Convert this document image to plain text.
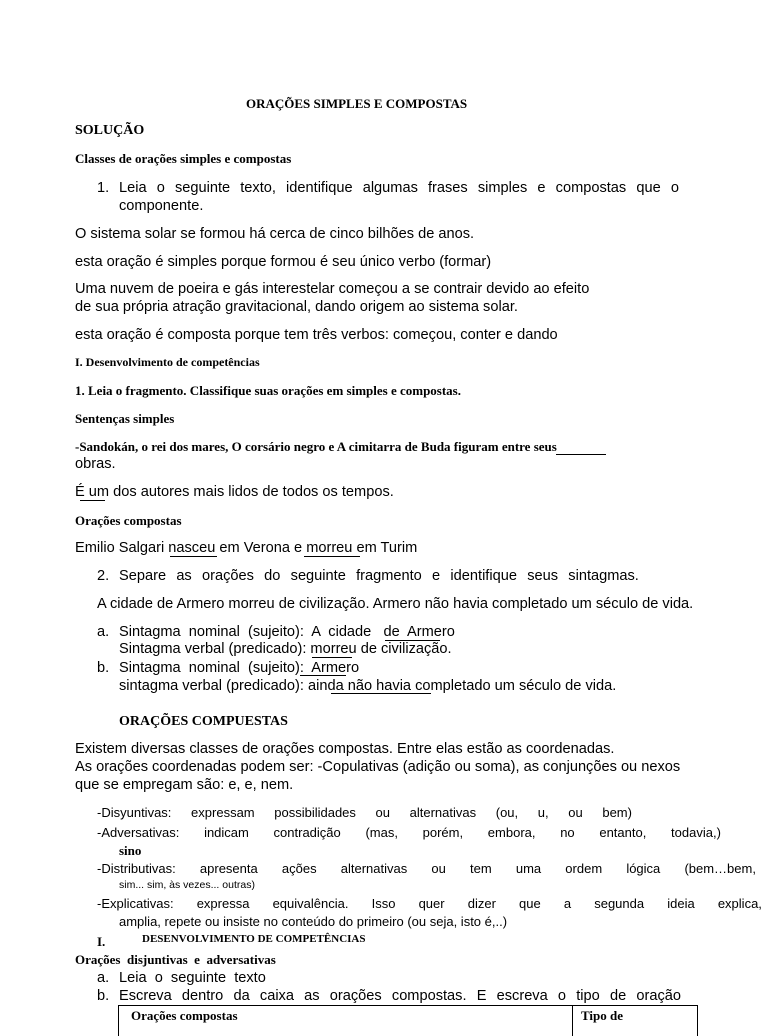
ORAÇÕES SIMPLES E COMPOSTAS
SOLUÇÃO
Classes de orações simples e compostas
1. Leia o seguinte texto, identifique algumas frases simples e compostas que o
componente.
O sistema solar se formou há cerca de cinco bilhões de anos.
esta oração é simples porque formou é seu único verbo (formar)
Uma nuvem de poeira e gás interestelar começou a se contrair devido ao efeito
de sua própria atração gravitacional, dando origem ao sistema solar.
esta oração é composta porque tem três verbos: começou, conter e dando
I. Desenvolvimento de competências
1. Leia o fragmento. Classifique suas orações em simples e compostas.
Sentenças simples
-Sandokán, o rei dos mares, O corsário negro e A cimitarra de Buda figuram entre seus
obras.
É um dos autores mais lidos de todos os tempos.
Orações compostas
Emilio Salgari nasceu em Verona e morreu em Turim
2. Separe as orações do seguinte fragmento e identifique seus sintagmas.
A cidade de Armero morreu de civilização. Armero não havia completado um século de vida.
a. Sintagma  nominal  (sujeito):  A  cidade   de  Armero
Sintagma verbal (predicado): morreu de civilização.
b. Sintagma  nominal  (sujeito):  Armero
sintagma verbal (predicado): ainda não havia completado um século de vida.
ORAÇÕES COMPUESTAS
Existem diversas classes de orações compostas. Entre elas estão as coordenadas.
As orações coordenadas podem ser: -Copulativas (adição ou soma), as conjunções ou nexos
que se empregam são: e, e, nem.
-Disyuntivas: expressam possibilidades ou alternativas (ou, u, ou bem)
-Adversativas: indicam contradição (mas, porém, embora, no entanto, todavia,)
sino
-Distributivas: apresenta ações alternativas ou tem uma ordem lógica (bem…bem,
sim... sim, às vezes... outras)
-Explicativas: expressa equivalência. Isso quer dizer que a segunda ideia explica,
amplia, repete ou insiste no conteúdo do primeiro (ou seja, isto é,..)
I.	DESENVOLVIMENTO DE COMPETÊNCIAS
Orações  disjuntivas  e  adversativas
a. Leia  o  seguinte  texto
b. Escreva dentro da caixa as orações compostas. E escreva o tipo de oração
Orações compostas	Tipo de
